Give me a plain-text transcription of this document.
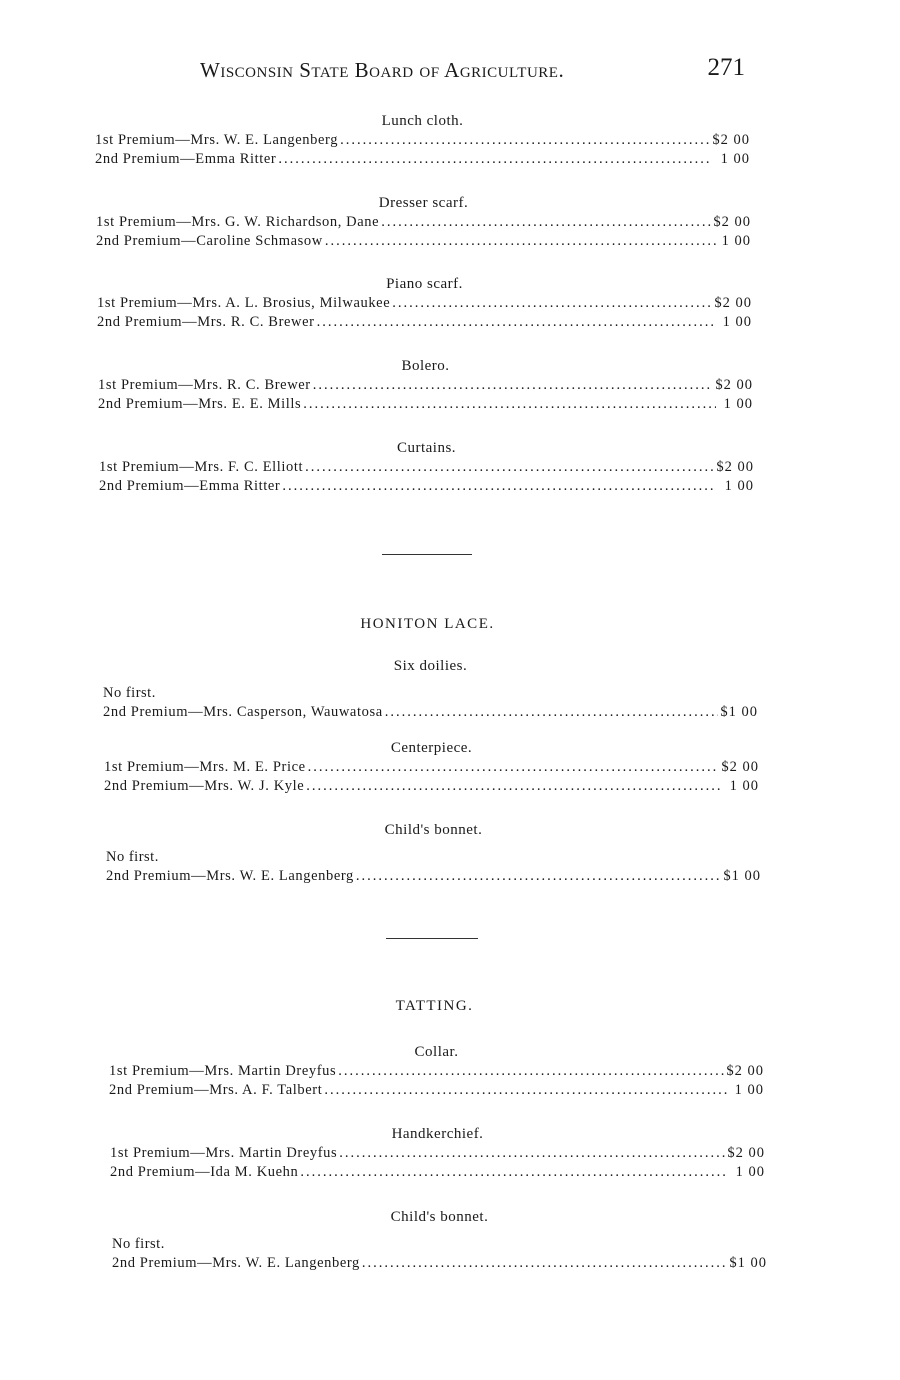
Wisconsin State Board of Agriculture.	271
Lunch cloth.
1st Premium—Mrs. W. E. Langenberg .....	$2 00
2nd Premium—Emma Ritter .....	1 00
Dresser scarf.
1st Premium—Mrs. G. W. Richardson, Dane .....	$2 00
2nd Premium—Caroline Schmasow .....	1 00
Piano scarf.
1st Premium—Mrs. A. L. Brosius, Milwaukee .....	$2 00
2nd Premium—Mrs. R. C. Brewer .....	1 00
Bolero.
1st Premium—Mrs. R. C. Brewer .....	$2 00
2nd Premium—Mrs. E. E. Mills .....	1 00
Curtains.
1st Premium—Mrs. F. C. Elliott .....	$2 00
2nd Premium—Emma Ritter .....	1 00
HONITON LACE.
Six doilies.
No first.
2nd Premium—Mrs. Casperson, Wauwatosa .....	$1 00
Centerpiece.
1st Premium—Mrs. M. E. Price .....	$2 00
2nd Premium—Mrs. W. J. Kyle .....	1 00
Child's bonnet.
No first.
2nd Premium—Mrs. W. E. Langenberg .....	$1 00
TATTING.
Collar.
1st Premium—Mrs. Martin Dreyfus .....	$2 00
2nd Premium—Mrs. A. F. Talbert .....	1 00
Handkerchief.
1st Premium—Mrs. Martin Dreyfus .....	$2 00
2nd Premium—Ida M. Kuehn .....	1 00
Child's bonnet.
No first.
2nd Premium—Mrs. W. E. Langenberg .....	$1 00
